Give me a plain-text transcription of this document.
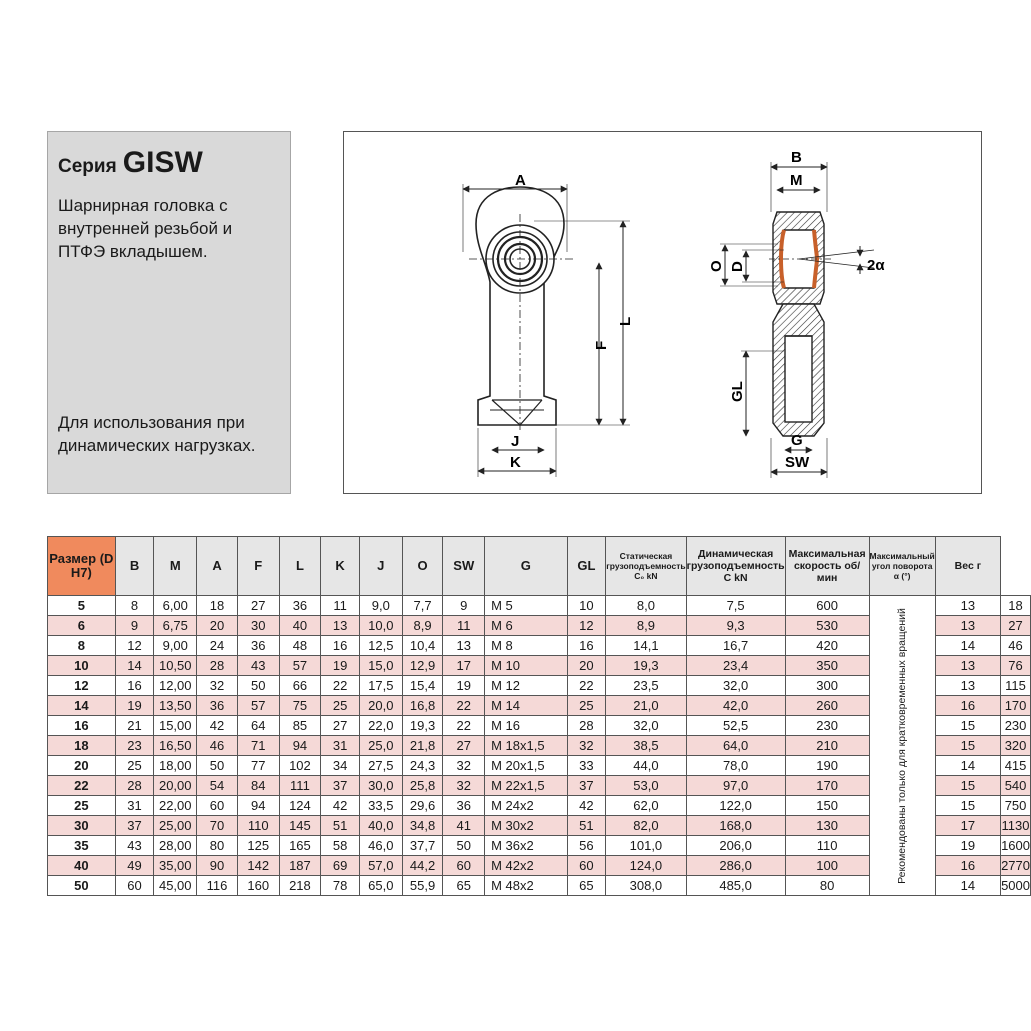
Серия GISW

Шарнирная головка с внутренней резьбой и ПТФЭ вкладышем.

Для использования при динамических нагрузках.

A
F
L
J
K
B
M
O D	2α
GL
G
SW
Размер (D H7)	B	M	A	F	L	K	J	O	SW	G	GL	Статическая грузоподъемность C₀ kN	Динамическая грузоподъемность C kN	Максимальная скорость об/мин	Максимальный угол поворота α (°)	Вес г	
5	8	6,00	18	27	36	11	9,0	7,7	9	M 5	10	8,0	7,5	600	Рекомендованы только для кратковременных вращений	13	18
6	9	6,75	20	30	40	13	10,0	8,9	11	M 6	12	8,9	9,3	530		13	27
8	12	9,00	24	36	48	16	12,5	10,4	13	M 8	16	14,1	16,7	420		14	46
10	14	10,50	28	43	57	19	15,0	12,9	17	M 10	20	19,3	23,4	350		13	76
12	16	12,00	32	50	66	22	17,5	15,4	19	M 12	22	23,5	32,0	300		13	115
14	19	13,50	36	57	75	25	20,0	16,8	22	M 14	25	21,0	42,0	260		16	170
16	21	15,00	42	64	85	27	22,0	19,3	22	M 16	28	32,0	52,5	230		15	230
18	23	16,50	46	71	94	31	25,0	21,8	27	M 18x1,5	32	38,5	64,0	210		15	320
20	25	18,00	50	77	102	34	27,5	24,3	32	M 20x1,5	33	44,0	78,0	190		14	415
22	28	20,00	54	84	111	37	30,0	25,8	32	M 22x1,5	37	53,0	97,0	170		15	540
25	31	22,00	60	94	124	42	33,5	29,6	36	M 24x2	42	62,0	122,0	150		15	750
30	37	25,00	70	110	145	51	40,0	34,8	41	M 30x2	51	82,0	168,0	130		17	1130
35	43	28,00	80	125	165	58	46,0	37,7	50	M 36x2	56	101,0	206,0	110		19	1600
40	49	35,00	90	142	187	69	57,0	44,2	60	M 42x2	60	124,0	286,0	100		16	2770
50	60	45,00	116	160	218	78	65,0	55,9	65	M 48x2	65	308,0	485,0	80		14	5000
